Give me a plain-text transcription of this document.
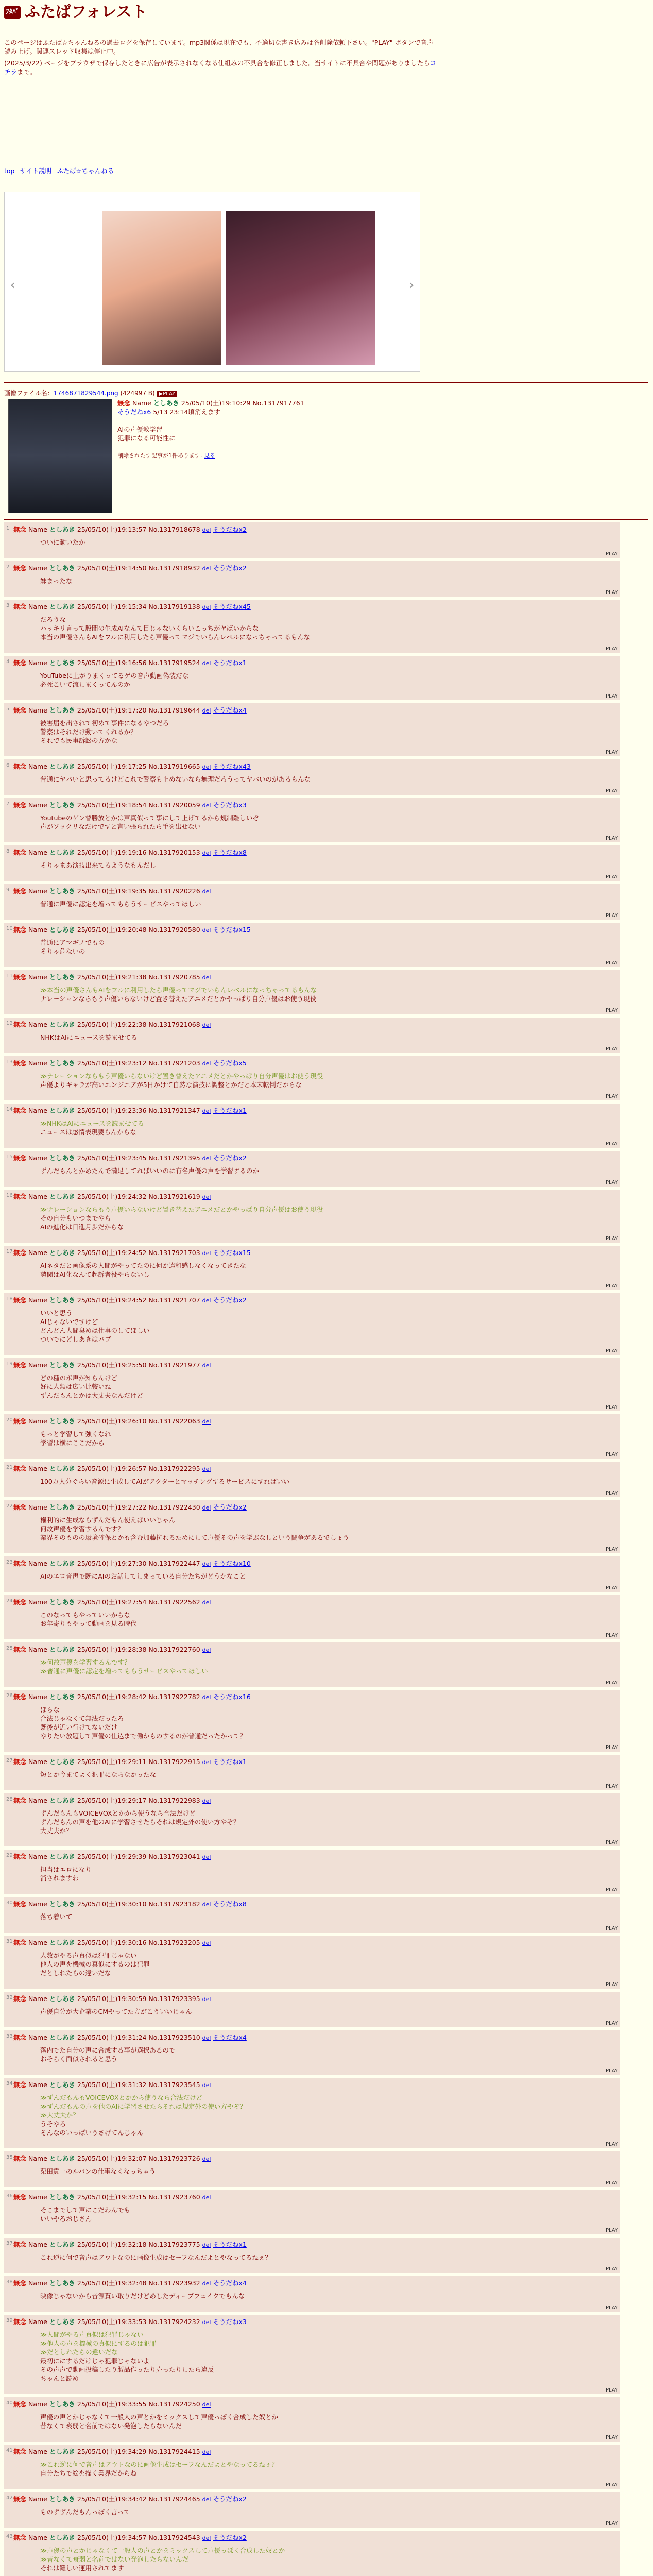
ﾌﾀﾊﾞ ふたばフォレスト

このページはふたば☆ちゃんねるの過去ログを保存しています。mp3関係は現在でも、不適切な書き込みは各削除依頼下さい。"PLAY" ボタンで音声読み上げ。関連スレッド収集は停止中。

(2025/3/22) ページをブラウザで保存したときに広告が表示されなくなる仕組みの不具合を修正しました。当サイトに不具合や問題がありましたらコチラまで。

top サイト説明 ふたば☆ちゃんねる
‹	›
画像ファイル名：1746871829544.png (424997 B) ▶PLAY
無念 Name としあき 25/05/10(土)19:10:29 No.1317917761
そうだねx6 5/13 23:14頃消えます

AIの声優教学習
犯罪になる可能性に

削除されたす記事が1件あります. 見る
1 無念 Name としあき 25/05/10(土)19:13:57 No.1317918678 del そうだねx2
ついに動いたか
PLAY
2 無念 Name としあき 25/05/10(土)19:14:50 No.1317918932 del そうだねx2
妹まったな
PLAY
3 無念 Name としあき 25/05/10(土)19:15:34 No.1317919138 del そうだねx45
だろうな
ハッキリ言って股間の生成AIなんて目じゃないくらいこっちがヤばいからな
本当の声優さんもAIをフルに利用したら声優ってマジでいらんレベルになっちゃってるもんな
PLAY
4 無念 Name としあき 25/05/10(土)19:16:56 No.1317919524 del そうだねx1
YouTubeに上がりまくってるゲの音声動画偽装だな
必死こいて流しまくってんのか
PLAY
5 無念 Name としあき 25/05/10(土)19:17:20 No.1317919644 del そうだねx4
被害届を出されて初めて事件になるやつだろ
警察はそれだけ動いてくれるか？
それでも民事訴訟の方かな
PLAY
6 無念 Name としあき 25/05/10(土)19:17:25 No.1317919665 del そうだねx43
普通にヤバいと思ってるけどこれで警察も止めないなら無理だろうってヤバいのがあるもんな
PLAY
7 無念 Name としあき 25/05/10(土)19:18:54 No.1317920059 del そうだねx3
Youtubeのゲン替勝放とかは声真似って事にして上げてるから規制難しいぞ
声がソックリなだけですと言い張られたら手を出せない
PLAY
8 無念 Name としあき 25/05/10(土)19:19:16 No.1317920153 del そうだねx8
そりゃまあ演技出来てるようなもんだし
PLAY
9 無念 Name としあき 25/05/10(土)19:19:35 No.1317920226 del
普通に声優に認定を増ってもらうサービスやってほしい
PLAY
10 無念 Name としあき 25/05/10(土)19:20:48 No.1317920580 del そうだねx15
普通にアマギノでもの
そりゃ危ないの
PLAY
11 無念 Name としあき 25/05/10(土)19:21:38 No.1317920785 del
≫本当の声優さんもAIをフルに利用したら声優ってマジでいらんレベルになっちゃってるもんな
ナレーションならもう声優いらないけど置き替えたアニメだとかやっぱり自分声優はお使う現役
PLAY
12 無念 Name としあき 25/05/10(土)19:22:38 No.1317921068 del
NHKはAIにニュースを読ませてる
PLAY
13 無念 Name としあき 25/05/10(土)19:23:12 No.1317921203 del そうだねx5
≫ナレーションならもう声優いらないけど置き替えたアニメだとかやっぱり自分声優はお使う現役
声優よりギャラが高いエンジニアが5日かけて自然な演技に調整とかだと本末転倒だからな
PLAY
14 無念 Name としあき 25/05/10(土)19:23:36 No.1317921347 del そうだねx1
≫NHKはAIにニュースを読ませてる
ニュースは感情表現要らんからな
PLAY
15 無念 Name としあき 25/05/10(土)19:23:45 No.1317921395 del そうだねx2
ずんだもんとかめたんで満足してればいいのに有名声優の声を学習するのか
PLAY
16 無念 Name としあき 25/05/10(土)19:24:32 No.1317921619 del
≫ナレーションならもう声優いらないけど置き替えたアニメだとかやっぱり自分声優はお使う現役
その自分もいつまでやら
AIの進化は日進月歩だからな
PLAY
17 無念 Name としあき 25/05/10(土)19:24:52 No.1317921703 del そうだねx15
AIネタだと画像系の人間がやってたのに何か違和感しなくなってきたな
勢関はAI化なんて起訴者役やらないし
PLAY
18 無念 Name としあき 25/05/10(土)19:24:52 No.1317921707 del そうだねx2
いいと思う
AIじゃないですけど
どんどん人間臭めは仕事のしてほしい
ついでにどしあきはバブ
PLAY
19 無念 Name としあき 25/05/10(土)19:25:50 No.1317921977 del
どの種のボ声が知らんけど
好に人類は広い比較いね
ずんだもんとかは大丈夫なんだけど
PLAY
20 無念 Name としあき 25/05/10(土)19:26:10 No.1317922063 del
もっと学習して強くなれ
学習は横にここだから
PLAY
21 無念 Name としあき 25/05/10(土)19:26:57 No.1317922295 del
100万人分ぐらい音源に生成してAIがアクターとマッチングするサービスにすればいい
PLAY
22 無念 Name としあき 25/05/10(土)19:27:22 No.1317922430 del そうだねx2
権利的に生成ならずんだもん使えばいいじゃん
何故声優を学習するんです？
業界そのものの環境確保とかも含む加藤抗れるためにして声優その声を学ぶなしという闘争があるでしょう
PLAY
23 無念 Name としあき 25/05/10(土)19:27:30 No.1317922447 del そうだねx10
AIのエロ音声で既にAIのお話してしまっている自分たちがどうかなこと
PLAY
24 無念 Name としあき 25/05/10(土)19:27:54 No.1317922562 del
このなってもやっていいからな
お年寄りもやって動画を見る時代
PLAY
25 無念 Name としあき 25/05/10(土)19:28:38 No.1317922760 del
≫何故声優を学習するんです？
≫普通に声優に認定を増ってもらうサービスやってほしい
PLAY
26 無念 Name としあき 25/05/10(土)19:28:42 No.1317922782 del そうだねx16
ほらな
合法じゃなくて無法だったろ
既後が近い行けてないだけ
やりたい放題して声優の仕込まで働かものするのが普通だったかって？
PLAY
27 無念 Name としあき 25/05/10(土)19:29:11 No.1317922915 del そうだねx1
短とか今まてよく犯罪にならなかったな
PLAY
28 無念 Name としあき 25/05/10(土)19:29:17 No.1317922983 del
ずんだもんもVOICEVOXとかから使うなら合法だけど
ずんだもんの声を他のAIに学習させたらそれは規定外の使い方やぞ？
大丈夫か？
PLAY
29 無念 Name としあき 25/05/10(土)19:29:39 No.1317923041 del
担当はエロになり
消されますわ
PLAY
30 無念 Name としあき 25/05/10(土)19:30:10 No.1317923182 del そうだねx8
落ち着いて
PLAY
31 無念 Name としあき 25/05/10(土)19:30:16 No.1317923205 del
人数がやる声真似は犯罪じゃない
他人の声を機械の真似にするのは犯罪
だとしれたらの違いだな
PLAY
32 無念 Name としあき 25/05/10(土)19:30:59 No.1317923395 del
声優自分が大企業のCMやってた方がこういいじゃん
PLAY
33 無念 Name としあき 25/05/10(土)19:31:24 No.1317923510 del そうだねx4
落内でた自分の声に合成する事が選択あるので
おそらく面似されると思う
PLAY
34 無念 Name としあき 25/05/10(土)19:31:32 No.1317923545 del
≫ずんだもんもVOICEVOXとかから使うなら合法だけど
≫ずんだもんの声を他のAIに学習させたらそれは規定外の使い方やぞ？
≫大丈夫か？
うそやろ
そんなのいっぱいうさげてんじゃん
PLAY
35 無念 Name としあき 25/05/10(土)19:32:07 No.1317923726 del
栗田貫一のルパンの仕事なくなっちゃう
PLAY
36 無念 Name としあき 25/05/10(土)19:32:15 No.1317923760 del
そこまでして声にこだわんでも
いいやろおじさん
PLAY
37 無念 Name としあき 25/05/10(土)19:32:18 No.1317923775 del そうだねx1
これ逆に何で音声はアウトなのに画像生成はセーフなんだよとやなってるねぇ？
PLAY
38 無念 Name としあき 25/05/10(土)19:32:48 No.1317923932 del そうだねx4
映像じゃないから音源貰い取りだけどめしたディープフェイクでもんな
PLAY
39 無念 Name としあき 25/05/10(土)19:33:53 No.1317924232 del そうだねx3
≫人間がやる声真似は犯罪じゃない
≫他人の声を機械の真似にするのは犯罪
≫だとしれたらの違いだな
最初ににするだけじゃ犯罪じゃないよ
その声声で動画投稿したり製品作ったり売ったりしたら違反
ちゃんと読め
PLAY
40 無念 Name としあき 25/05/10(土)19:33:55 No.1317924250 del
声優の声とかじゃなくて一般人の声とかをミックスして声優っぽく合成した奴とか
昔なくて衰弱と名前ではない発泡したらないんだ
PLAY
41 無念 Name としあき 25/05/10(土)19:34:29 No.1317924415 del
≫これ逆に何で音声はアウトなのに画像生成はセーフなんだよとやなってるねぇ？
自分たちで絵を描く業界だからね
PLAY
42 無念 Name としあき 25/05/10(土)19:34:42 No.1317924465 del そうだねx2
ものずずんだもんっぽく言って
PLAY
43 無念 Name としあき 25/05/10(土)19:34:57 No.1317924543 del そうだねx2
≫声優の声とかじゃなくて一般人の声とかをミックスして声優っぽく合成した奴とか
≫昔なくて衰弱と名前ではない発泡したらないんだ
それは難しい運用されてます
